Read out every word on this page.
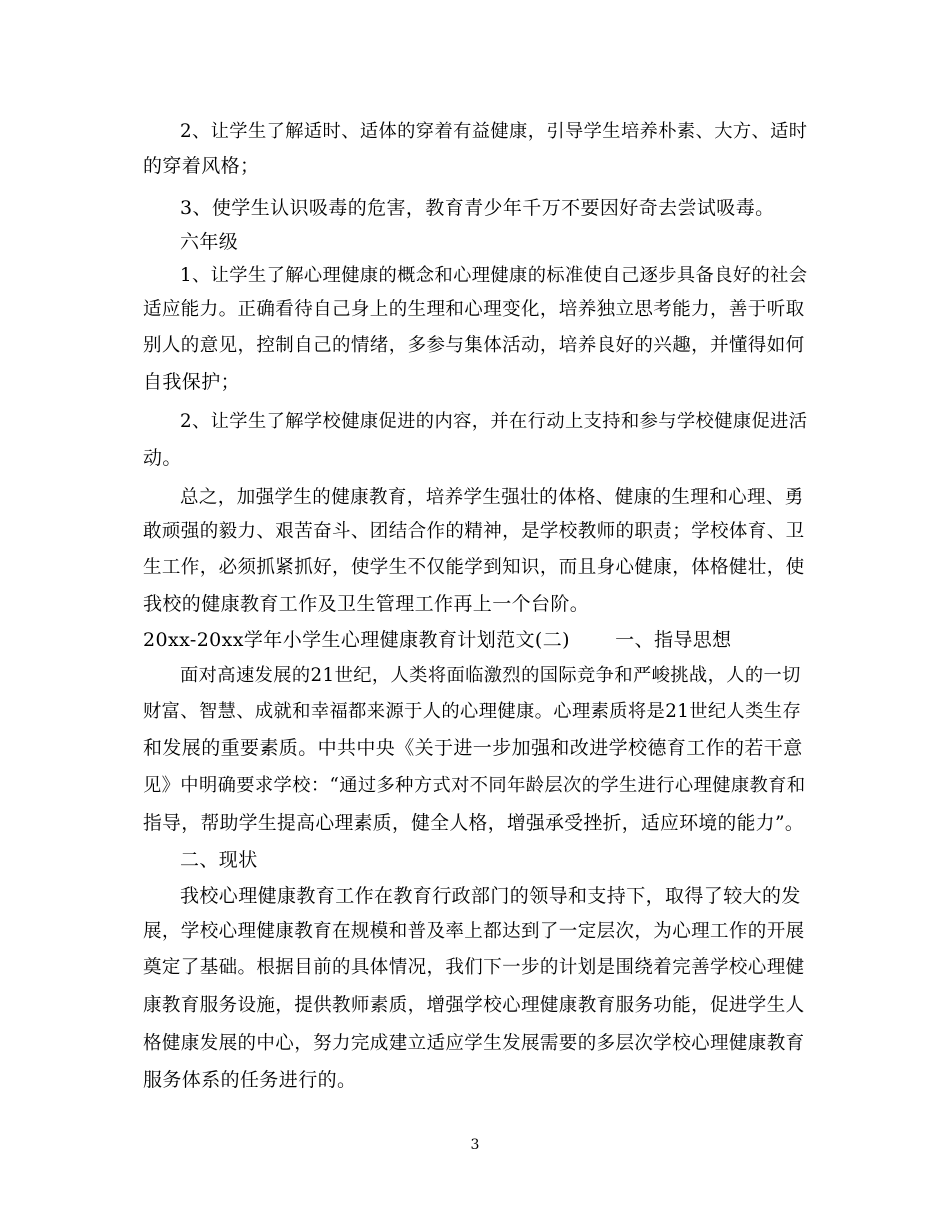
2、让学生了解适时、适体的穿着有益健康，引导学生培养朴素、大方、适时
的穿着风格；
3、使学生认识吸毒的危害，教育青少年千万不要因好奇去尝试吸毒。
六年级
1、让学生了解心理健康的概念和心理健康的标准使自己逐步具备良好的社会
适应能力。正确看待自己身上的生理和心理变化，培养独立思考能力，善于听取
别人的意见，控制自己的情绪，多参与集体活动，培养良好的兴趣，并懂得如何
自我保护；
2、让学生了解学校健康促进的内容，并在行动上支持和参与学校健康促进活
动。
总之，加强学生的健康教育，培养学生强壮的体格、健康的生理和心理、勇
敢顽强的毅力、艰苦奋斗、团结合作的精神，是学校教师的职责；学校体育、卫
生工作，必须抓紧抓好，使学生不仅能学到知识，而且身心健康，体格健壮，使
我校的健康教育工作及卫生管理工作再上一个台阶。
20xx-20xx学年小学生心理健康教育计划范文(二)　　 一、指导思想
面对高速发展的21世纪，人类将面临激烈的国际竞争和严峻挑战，人的一切
财富、智慧、成就和幸福都来源于人的心理健康。心理素质将是21世纪人类生存
和发展的重要素质。中共中央《关于进一步加强和改进学校德育工作的若干意
见》中明确要求学校：“通过多种方式对不同年龄层次的学生进行心理健康教育和
指导，帮助学生提高心理素质，健全人格，增强承受挫折，适应环境的能力”。
二、现状
我校心理健康教育工作在教育行政部门的领导和支持下，取得了较大的发
展，学校心理健康教育在规模和普及率上都达到了一定层次，为心理工作的开展
奠定了基础。根据目前的具体情况，我们下一步的计划是围绕着完善学校心理健
康教育服务设施，提供教师素质，增强学校心理健康教育服务功能，促进学生人
格健康发展的中心，努力完成建立适应学生发展需要的多层次学校心理健康教育
服务体系的任务进行的。
3
